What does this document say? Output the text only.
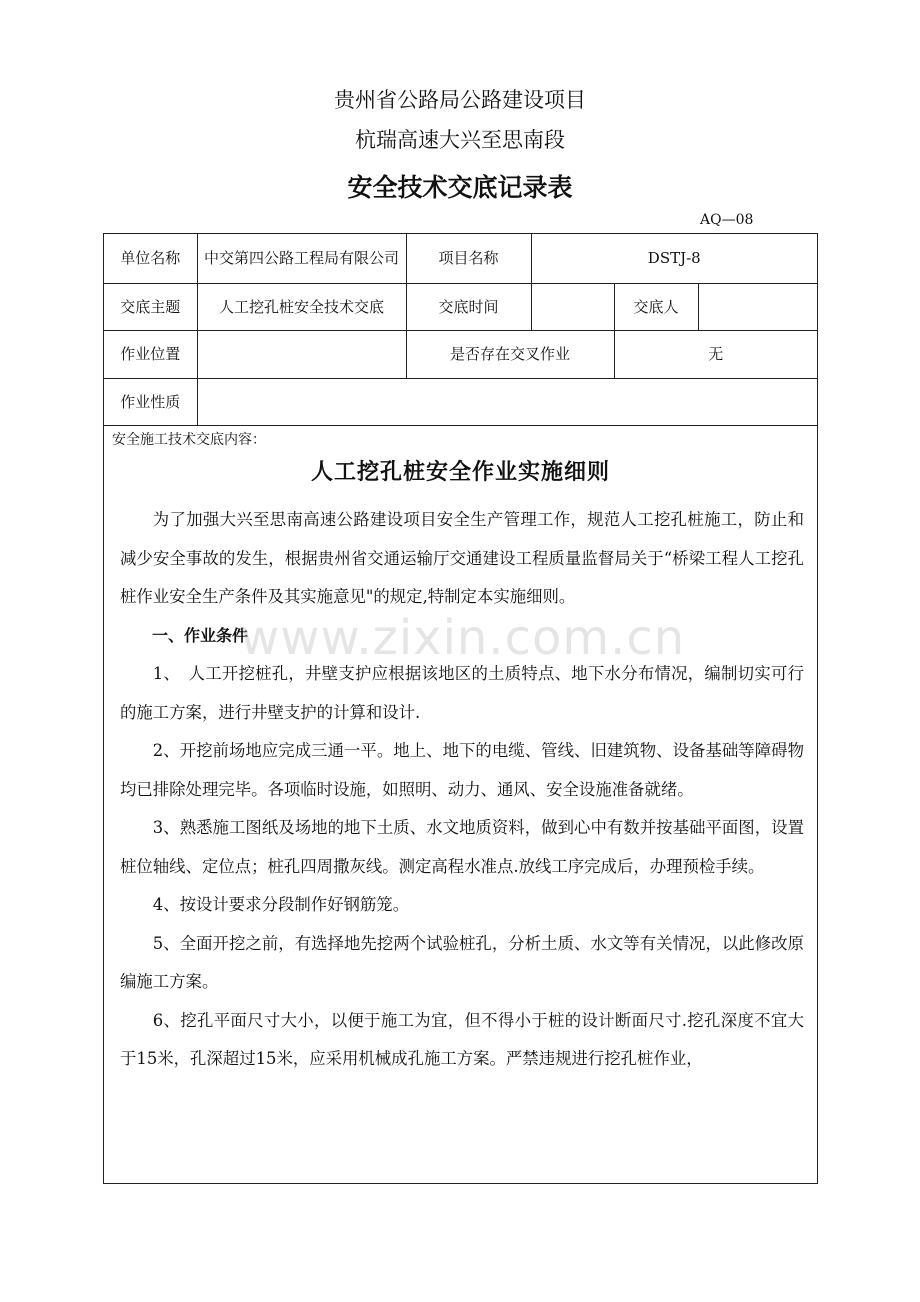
贵州省公路局公路建设项目
杭瑞高速大兴至思南段
安全技术交底记录表
AQ—08
单位名称	中交第四公路工程局有限公司	项目名称	DSTJ-8		
交底主题	人工挖孔桩安全技术交底	交底时间		交底人	
作业位置		是否存在交叉作业		无	
作业性质					
安全施工技术交底内容：
人工挖孔桩安全作业实施细则

为了加强大兴至思南高速公路建设项目安全生产管理工作，规范人工挖孔桩施工，防止和减少安全事故的发生，根据贵州省交通运输厅交通建设工程质量监督局关于“桥梁工程人工挖孔桩作业安全生产条件及其实施意见"的规定,特制定本实施细则。

一、作业条件

1、　人工开挖桩孔，井壁支护应根据该地区的土质特点、地下水分布情况，编制切实可行的施工方案，进行井壁支护的计算和设计.

2、开挖前场地应完成三通一平。地上、地下的电缆、管线、旧建筑物、设备基础等障碍物均已排除处理完毕。各项临时设施，如照明、动力、通风、安全设施准备就绪。

3、熟悉施工图纸及场地的地下土质、水文地质资料，做到心中有数并按基础平面图，设置桩位轴线、定位点；桩孔四周撒灰线。测定高程水准点.放线工序完成后，办理预检手续。

4、按设计要求分段制作好钢筋笼。

5、全面开挖之前，有选择地先挖两个试验桩孔，分析土质、水文等有关情况，以此修改原编施工方案。

6、挖孔平面尺寸大小，以便于施工为宜，但不得小于桩的设计断面尺寸.挖孔深度不宜大于15米，孔深超过15米，应采用机械成孔施工方案。严禁违规进行挖孔桩作业，

www.zixin.com.cn
